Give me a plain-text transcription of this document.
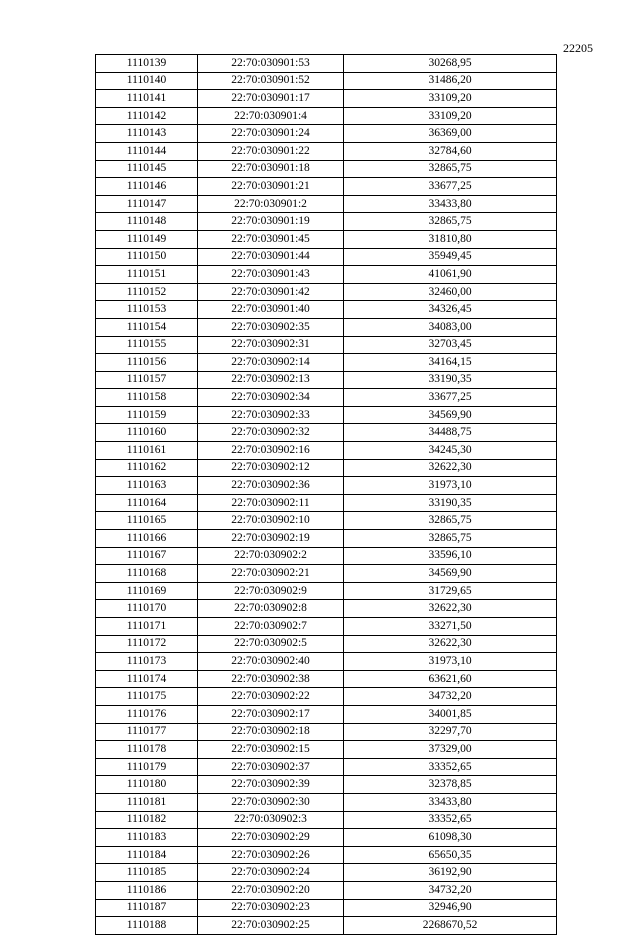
22205
1110139	22:70:030901:53	30268,95
1110140	22:70:030901:52	31486,20
1110141	22:70:030901:17	33109,20
1110142	22:70:030901:4	33109,20
1110143	22:70:030901:24	36369,00
1110144	22:70:030901:22	32784,60
1110145	22:70:030901:18	32865,75
1110146	22:70:030901:21	33677,25
1110147	22:70:030901:2	33433,80
1110148	22:70:030901:19	32865,75
1110149	22:70:030901:45	31810,80
1110150	22:70:030901:44	35949,45
1110151	22:70:030901:43	41061,90
1110152	22:70:030901:42	32460,00
1110153	22:70:030901:40	34326,45
1110154	22:70:030902:35	34083,00
1110155	22:70:030902:31	32703,45
1110156	22:70:030902:14	34164,15
1110157	22:70:030902:13	33190,35
1110158	22:70:030902:34	33677,25
1110159	22:70:030902:33	34569,90
1110160	22:70:030902:32	34488,75
1110161	22:70:030902:16	34245,30
1110162	22:70:030902:12	32622,30
1110163	22:70:030902:36	31973,10
1110164	22:70:030902:11	33190,35
1110165	22:70:030902:10	32865,75
1110166	22:70:030902:19	32865,75
1110167	22:70:030902:2	33596,10
1110168	22:70:030902:21	34569,90
1110169	22:70:030902:9	31729,65
1110170	22:70:030902:8	32622,30
1110171	22:70:030902:7	33271,50
1110172	22:70:030902:5	32622,30
1110173	22:70:030902:40	31973,10
1110174	22:70:030902:38	63621,60
1110175	22:70:030902:22	34732,20
1110176	22:70:030902:17	34001,85
1110177	22:70:030902:18	32297,70
1110178	22:70:030902:15	37329,00
1110179	22:70:030902:37	33352,65
1110180	22:70:030902:39	32378,85
1110181	22:70:030902:30	33433,80
1110182	22:70:030902:3	33352,65
1110183	22:70:030902:29	61098,30
1110184	22:70:030902:26	65650,35
1110185	22:70:030902:24	36192,90
1110186	22:70:030902:20	34732,20
1110187	22:70:030902:23	32946,90
1110188	22:70:030902:25	2268670,52
